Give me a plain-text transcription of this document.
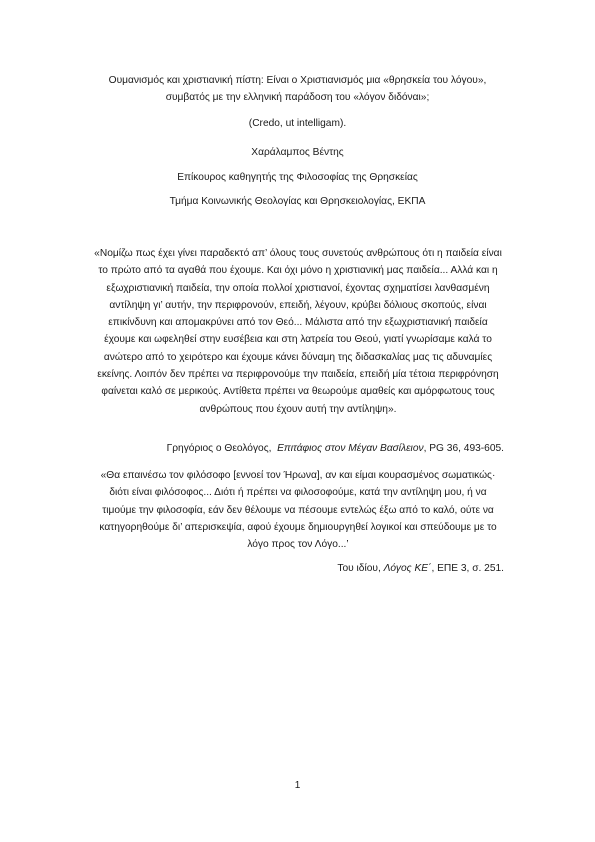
Ουμανισμός και χριστιανική πίστη: Είναι ο Χριστιανισμός μια «θρησκεία του λόγου», συμβατός με την ελληνική παράδοση του «λόγον διδόναι»;
(Credo, ut intelligam).
Χαράλαμπος Βέντης
Επίκουρος καθηγητής της Φιλοσοφίας της Θρησκείας
Τμήμα Κοινωνικής Θεολογίας και Θρησκειολογίας, ΕΚΠΑ
«Νομίζω πως έχει γίνει παραδεκτό απ’ όλους τους συνετούς ανθρώπους ότι η παιδεία είναι το πρώτο από τα αγαθά που έχουμε. Και όχι μόνο η χριστιανική μας παιδεία... Αλλά και η εξωχριστιανική παιδεία, την οποία πολλοί χριστιανοί, έχοντας σχηματίσει λανθασμένη αντίληψη γι’ αυτήν, την περιφρονούν, επειδή, λέγουν, κρύβει δόλιους σκοπούς, είναι επικίνδυνη και απομακρύνει από τον Θεό... Μάλιστα από την εξωχριστιανική παιδεία έχουμε και ωφεληθεί στην ευσέβεια και στη λατρεία του Θεού, γιατί γνωρίσαμε καλά το ανώτερο από το χειρότερο και έχουμε κάνει δύναμη της διδασκαλίας μας τις αδυναμίες εκείνης. Λοιπόν δεν πρέπει να περιφρονούμε την παιδεία, επειδή μία τέτοια περιφρόνηση φαίνεται καλό σε μερικούς. Αντίθετα πρέπει να θεωρούμε αμαθείς και αμόρφωτους τους ανθρώπους που έχουν αυτή την αντίληψη».
Γρηγόριος ο Θεολόγος, Επιτάφιος στον Μέγαν Βασίλειον, PG 36, 493-605.
«Θα επαινέσω τον φιλόσοφο [εννοεί τον Ήρωνα], αν και είμαι κουρασμένος σωματικώς· διότι είναι φιλόσοφος... Διότι ή πρέπει να φιλοσοφούμε, κατά την αντίληψη μου, ή να τιμούμε την φιλοσοφία, εάν δεν θέλουμε να πέσουμε εντελώς έξω από το καλό, ούτε να κατηγορηθούμε δι’ απερισκεψία, αφού έχουμε δημιουργηθεί λογικοί και σπεύδουμε με το λόγο προς τον Λόγο...’
Του ιδίου, Λόγος ΚΕ΄, ΕΠΕ 3, σ. 251.
1
